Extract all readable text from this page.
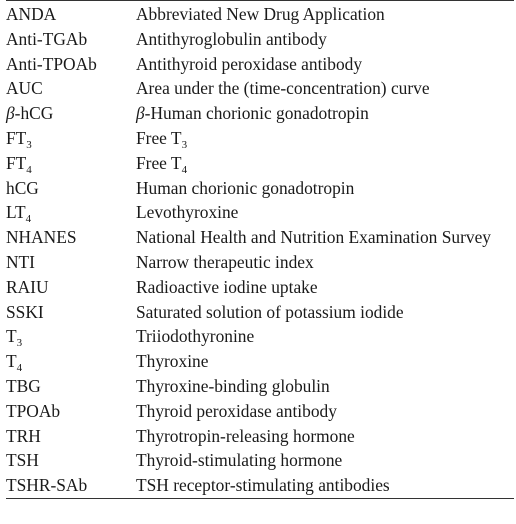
ANDA	Abbreviated New Drug Application
Anti-TGAb	Antithyroglobulin antibody
Anti-TPOAb	Antithyroid peroxidase antibody
AUC	Area under the (time-concentration) curve
β-hCG	β-Human chorionic gonadotropin
$FT_3$	Free $T_3$
$FT_4$	Free $T_4$
hCG	Human chorionic gonadotropin
$LT_4$	Levothyroxine
NHANES	National Health and Nutrition Examination Survey
NTI	Narrow therapeutic index
RAIU	Radioactive iodine uptake
SSKI	Saturated solution of potassium iodide
$T_3$	Triiodothyronine
$T_4$	Thyroxine
TBG	Thyroxine-binding globulin
TPOAb	Thyroid peroxidase antibody
TRH	Thyrotropin-releasing hormone
TSH	Thyroid-stimulating hormone
TSHR-SAb	TSH receptor-stimulating antibodies
